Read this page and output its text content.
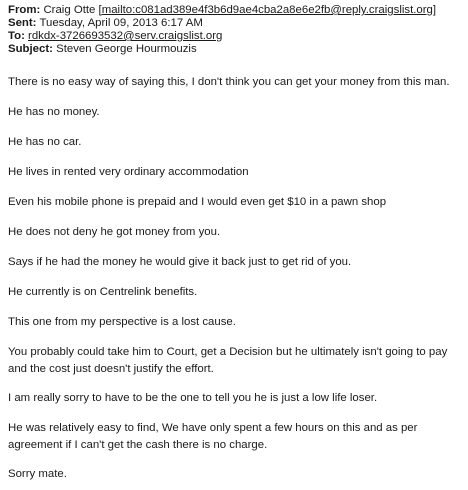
From: Craig Otte [mailto:c081ad389e4f3b6d9ae4cba2a8e6e2fb@reply.craigslist.org]
Sent: Tuesday, April 09, 2013 6:17 AM
To: rdkdx-3726693532@serv.craigslist.org
Subject: Steven George Hourmouzis
There is no easy way of saying this, I don't think you can get your money from this man.
He has no money.
He has no car.
He lives in rented very ordinary accommodation
Even his mobile phone is prepaid and I would even get $10 in a pawn shop
He does not deny he got money from you.
Says if he had the money he would give it back just to get rid of you.
He currently is on Centrelink benefits.
This one from my perspective is a lost cause.
You probably could take him to Court, get a Decision but he ultimately isn't going to pay and the cost just doesn't justify the effort.
I am really sorry to have to be the one to tell you he is just a low life loser.
He was relatively easy to find, We have only spent a few hours on this and as per agreement if I can't get the cash there is no charge.
Sorry mate.
